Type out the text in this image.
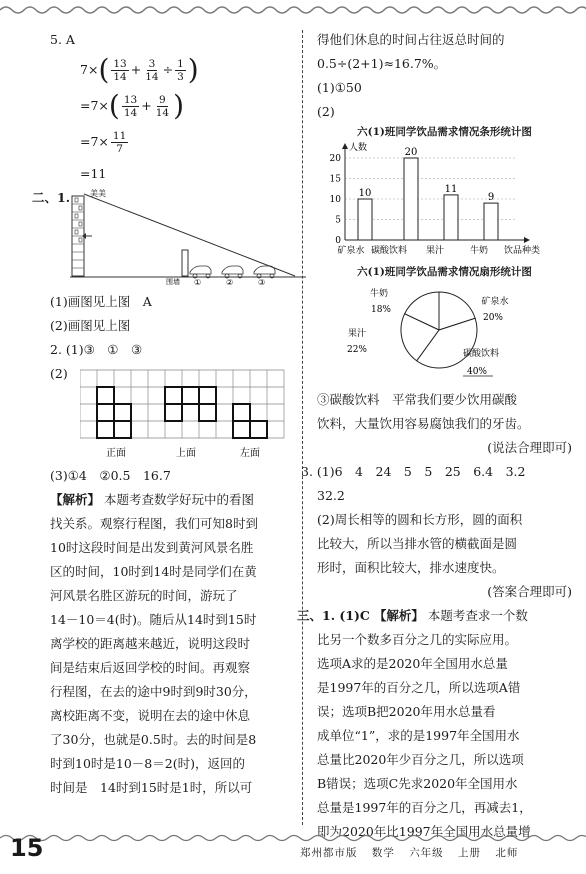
5. A
7× ( $\frac{13}{14} + \frac{3}{14} \div \frac{1}{3}$ )
=7× ( $\frac{13}{14} + \frac{9}{14}$ )
$=7\times \frac{11}{7}$
=11
二、1. 美美
围墙 ①	②	③
(1)画图见上图　A
(2)画图见上图
2. (1)③　①　③
(2)
正面	上面	左面
(3)①4　②0.5　16.7
【解析】 本题考查数学好玩中的看图
找关系。观察行程图，我们可知8时到
10时这段时间是出发到黄河风景名胜
区的时间，10时到14时是同学们在黄
河风景名胜区游玩的时间，游玩了
14－10＝4(时)。随后从14时到15时
离学校的距离越来越近，说明这段时
间是结束后返回学校的时间。再观察
行程图，在去的途中9时到9时30分，
离校距离不变，说明在去的途中休息
了30分，也就是0.5时。去的时间是8
时到10时是10－8＝2(时)，返回的
时间是　14时到15时是1时，所以可
得他们休息的时间占往返总时间的
0.5÷(2+1)≈16.7%。
(1)①50
(2)
六(1)班同学饮品需求情况条形统计图
人数
0
5
10
15
20
10
20
11
9
矿泉水 碳酸饮料 果汁	牛奶 饮品种类
六(1)班同学饮品需求情况扇形统计图
牛奶
18%
矿泉水
20%
碳酸饮料
40%
果汁
22%
③碳酸饮料　平常我们要少饮用碳酸
饮料，大量饮用容易腐蚀我们的牙齿。
(说法合理即可)
3. (1)6　4　24　5　5　25　6.4　3.2
32.2
(2)周长相等的圆和长方形，圆的面积
比较大，所以当排水管的横截面是圆
形时，面积比较大，排水速度快。
(答案合理即可)
三、1. (1)C 【解析】 本题考查求一个数
比另一个数多百分之几的实际应用。
选项A求的是2020年全国用水总量
是1997年的百分之几，所以选项A错
误；选项B把2020年用水总量看
成单位“1”，求的是1997年全国用水
总量比2020年少百分之几，所以选项
B错误；选项C先求2020年全国用水
总量是1997年的百分之几，再减去1，
即为2020年比1997年全国用水总量增
15	郑州都市版 数学 六年级 上册 北师
